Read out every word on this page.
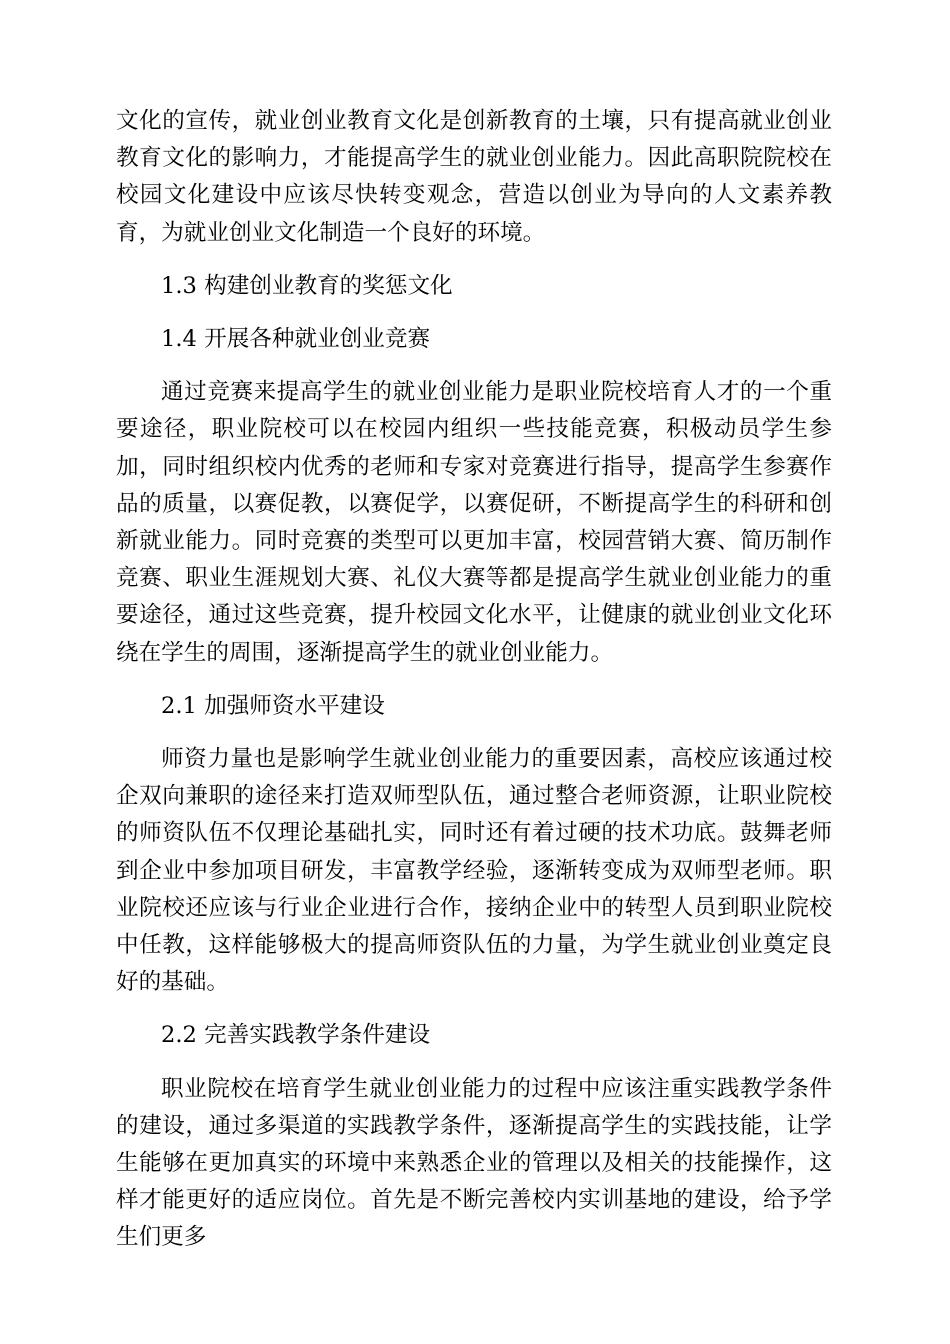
文化的宣传，就业创业教育文化是创新教育的土壤，只有提高就业创业教育文化的影响力，才能提高学生的就业创业能力。因此高职院院校在校园文化建设中应该尽快转变观念，营造以创业为导向的人文素养教育，为就业创业文化制造一个良好的环境。

1.3 构建创业教育的奖惩文化
1.4 开展各种就业创业竞赛

通过竞赛来提高学生的就业创业能力是职业院校培育人才的一个重要途径，职业院校可以在校园内组织一些技能竞赛，积极动员学生参加，同时组织校内优秀的老师和专家对竞赛进行指导，提高学生参赛作品的质量，以赛促教，以赛促学，以赛促研，不断提高学生的科研和创新就业能力。同时竞赛的类型可以更加丰富，校园营销大赛、简历制作竞赛、职业生涯规划大赛、礼仪大赛等都是提高学生就业创业能力的重要途径，通过这些竞赛，提升校园文化水平，让健康的就业创业文化环绕在学生的周围，逐渐提高学生的就业创业能力。

2.1 加强师资水平建设

师资力量也是影响学生就业创业能力的重要因素，高校应该通过校企双向兼职的途径来打造双师型队伍，通过整合老师资源，让职业院校的师资队伍不仅理论基础扎实，同时还有着过硬的技术功底。鼓舞老师到企业中参加项目研发，丰富教学经验，逐渐转变成为双师型老师。职业院校还应该与行业企业进行合作，接纳企业中的转型人员到职业院校中任教，这样能够极大的提高师资队伍的力量，为学生就业创业奠定良好的基础。

2.2 完善实践教学条件建设

职业院校在培育学生就业创业能力的过程中应该注重实践教学条件的建设，通过多渠道的实践教学条件，逐渐提高学生的实践技能，让学生能够在更加真实的环境中来熟悉企业的管理以及相关的技能操作，这样才能更好的适应岗位。首先是不断完善校内实训基地的建设，给予学生们更多
